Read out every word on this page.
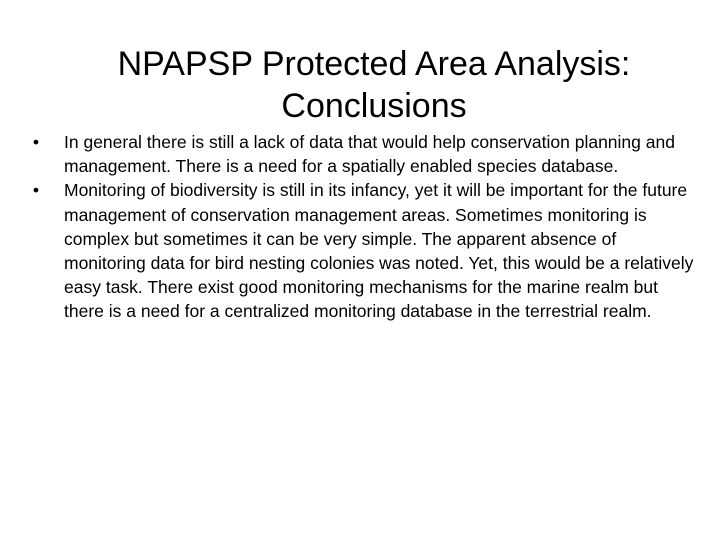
NPAPSP Protected Area Analysis:
Conclusions
• In general there is still a lack of data that would help conservation planning and management. There is a need for a spatially enabled species database.
• Monitoring of biodiversity is still in its infancy, yet it will be important for the future management of conservation management areas. Sometimes monitoring is complex but sometimes it can be very simple. The apparent absence of monitoring data for bird nesting colonies was noted. Yet, this would be a relatively easy task. There exist good monitoring mechanisms for the marine realm but there is a need for a centralized monitoring database in the terrestrial realm.
